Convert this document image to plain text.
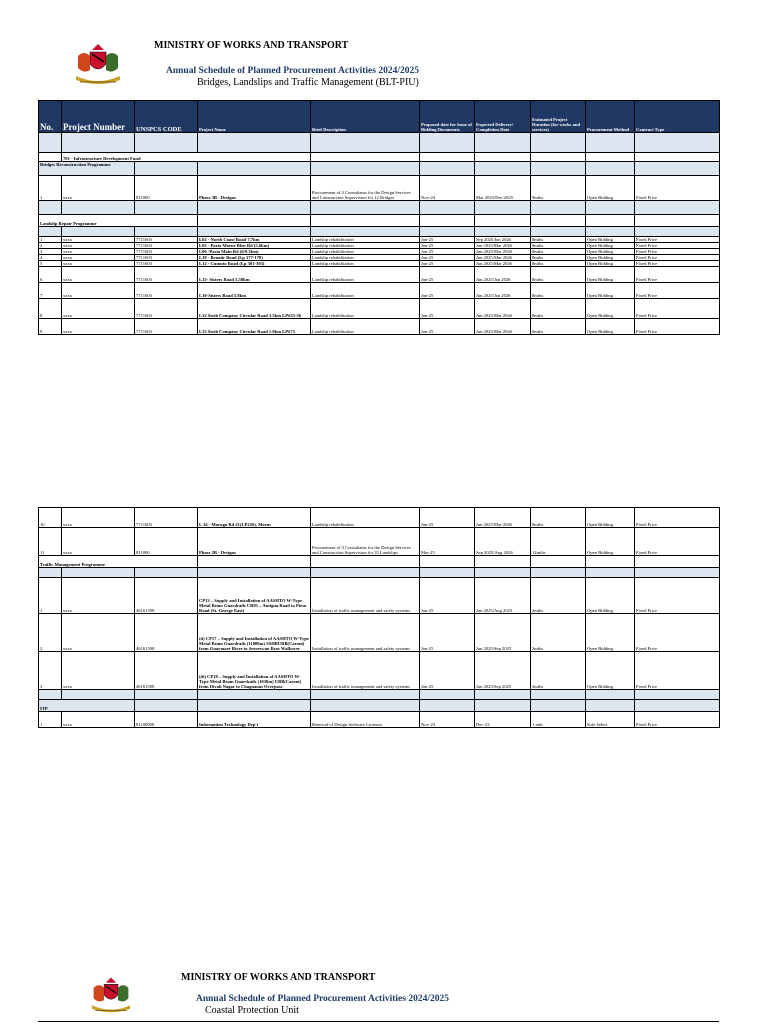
MINISTRY OF WORKS AND TRANSPORT
Annual Schedule of Planned Procurement Activities 2024/2025
Bridges, Landslips and Traffic Management (BLT-PIU)
No.	Project Number	UNSPCS CODE	Project Name	Brief Description	Proposed date for Issue of Bidding Documents	Expected Delivery/ Completion Date	Estimated Project Duration (for works and services)	Procurement Method	Contract Type

	701 - Infrastructure Development Fund								
Bridges Reconstruction Programme									
1	xxxx	811000	Phase 3B - Designs	Procurement of 3 Consultants for the Design Services and Construction Supervision for 12 Bridges	Nov-24	Mar 2025/Dec 2025	9mths	Open Bidding	Fixed Price

Landslip Repair Programme									

1	xxxx	7711603	L02 - North Coast Road 7.7km	Landslip rehabilitation	Jan-25	Sep 2025/Jan 2026	8mths	Open Bidding	Fixed Price
2	xxxx	7711603	L05 - Paria Morne Bleu Rd (5.6km)	Landslip rehabilitation	Jan-25	Jun 2025/Mar 2026	8mths	Open Bidding	Fixed Price
3	xxxx	7711603	L06 -Paria Main Rd (6/9.3km)	Landslip rehabilitation	Jan-25	Jun 2025/Mar 2026	8mths	Open Bidding	Fixed Price
4	xxxx	7711603	L10 - Benaiir Road (Lp 177-178)	Landslip rehabilitation	Jan-25	Jun 2025/Mar 2026	8mths	Open Bidding	Fixed Price
5	xxxx	7711603	L12 - Cumuto Road (Lp 301-303)	Landslip rehabilitation	Jan-25	Jun 2025/Mar 2026	8mths	Open Bidding	Fixed Price
6	xxxx	7711603	L15- Sisters Road 5.58km	Landslip rehabilitation	Jan-25	Jun 2025/Jan 2026	8mths	Open Bidding	Fixed Price
7	xxxx	7711603	L16-Sisters Road 5.8km	Landslip rehabilitation	Jan-25	Jun 2025/Jan 2026	8mths	Open Bidding	Fixed Price
8	xxxx	7711603	L32 Sixth Company Circular Road 3.5km LP#55-56	Landslip rehabilitation	Jan-25	Jun 2025/Mar 2026	8mths	Open Bidding	Fixed Price
9	xxxx	7711603	L33 Sixth Company Circular Road 1.0km LP#73	Landslip rehabilitation	Jan-25	Jun 2025/Mar 2026	8mths	Open Bidding	Fixed Price
10	xxxx	7711603	L 34 - Moruga Rd #1(LP226), Moruc	Landslip rehabilitation	Jan-25	Jun 2025/Mar 2026	8mths	Open Bidding	Fixed Price
11	xxxx	811000	Phase 2B - Designs	Procurement of 3 Consultants for the Design Services and Construction Supervision for 35 Landslips	Mar-25	Sep 2025/Aug 2026	12mths	Open Bidding	Fixed Price
Traffic Management Programme									

1	xxxx	46161508	CP13 – Supply and Installation of AASHTO W-Type Metal Beam Guardrails CR01 – Antigua Road to Piesu Road (St. George East)	Installation of traffic management and safety systems	Jan-25	Jun 2025/Aug 2025	3mths	Open Bidding	Fixed Price
2	xxxx	46161508	(ii) CP17 – Supply and Installation of AASHTO W-Type Metal Beam Guardrails (11000m) SSHBURB(Caroni) from Guaymare River to Seereewan Bros Walkover	Installation of traffic management and safety systems	Jan-25	Jun 2025/Sep 2025	3mths	Open Bidding	Fixed Price
3	xxxx	46161508	(iii) CP18 – Supply and Installation of AASHTO W-Type Metal Beam Guardrails (1030m) UBB(Caroni) from Divali Nagar to Chaguanas Overpass	Installation of traffic management and safety systems	Jan-25	Jun 2025/Sep 2025	3mths	Open Bidding	Fixed Price

ITP									
1	xxxx	81100000	Information Technology Dep't	Renewal of Design Software Licenses	Nov-23	Dec-23	1 mth	Sole Select	Fixed Price
MINISTRY OF WORKS AND TRANSPORT
Annual Schedule of Planned Procurement Activities 2024/2025
Coastal Protection Unit
